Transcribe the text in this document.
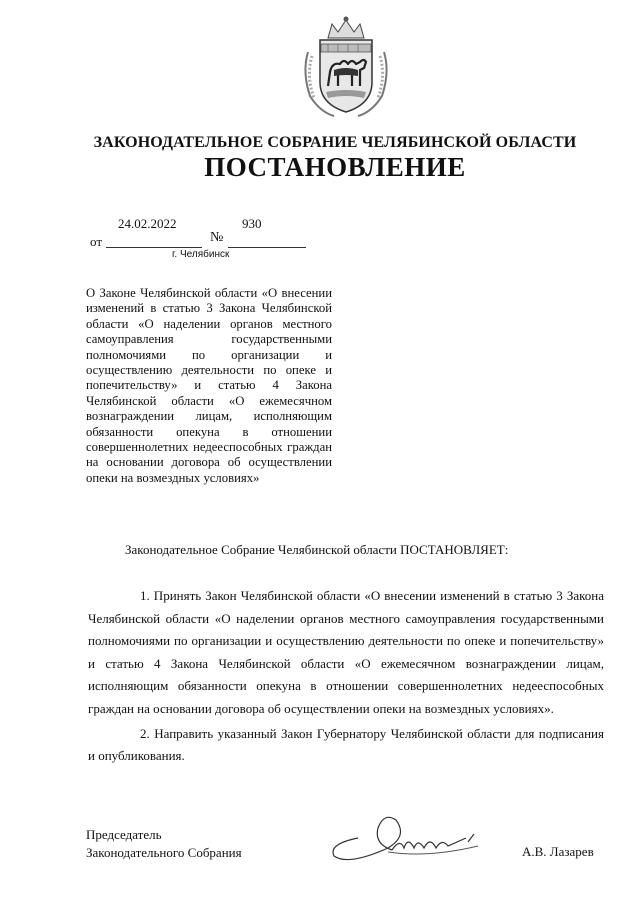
ЗАКОНОДАТЕЛЬНОЕ СОБРАНИЕ ЧЕЛЯБИНСКОЙ ОБЛАСТИ
ПОСТАНОВЛЕНИЕ
от
24.02.2022
№
930
г. Челябинск
О Законе Челябинской области «О внесении изменений в статью 3 Закона Челябинской области «О наделении органов местного самоуправления государственными полномочиями по организации и осуществлению деятельности по опеке и попечительству» и статью 4 Закона Челябинской области «О ежемесячном вознаграждении лицам, исполняющим обязанности опекуна в отношении совершеннолетних недееспособных граждан на основании договора об осуществлении опеки на возмездных условиях»
Законодательное Собрание Челябинской области ПОСТАНОВЛЯЕТ:

1. Принять Закон Челябинской области «О внесении изменений в статью 3 Закона Челябинской области «О наделении органов местного самоуправления государственными полномочиями по организации и осуществлению деятельности по опеке и попечительству» и статью 4 Закона Челябинской области «О ежемесячном вознаграждении лицам, исполняющим обязанности опекуна в отношении совершеннолетних недееспособных граждан на основании договора об осуществлении опеки на возмездных условиях».

2. Направить указанный Закон Губернатору Челябинской области для подписания и опубликования.

Председатель
Законодательного Собрания	А.В. Лазарев
